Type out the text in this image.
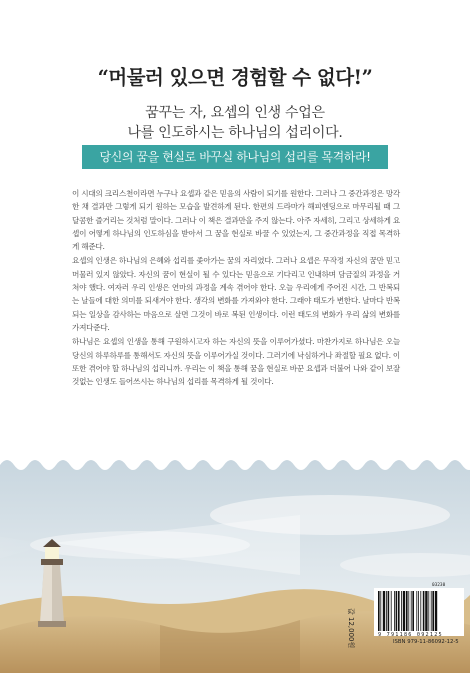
“머물러 있으면 경험할 수 없다!”
꿈꾸는 자, 요셉의 인생 수업은
나를 인도하시는 하나님의 섭리이다.
당신의 꿈을 현실로 바꾸실 하나님의 섭리를 목격하라!

이 시대의 크리스천이라면 누구나 요셉과 같은 믿음의 사람이 되기를 원한다. 그러나 그 중간과정은 망각한 채 결과만 그렇게 되기 원하는 모습을 발견하게 된다. 한편의 드라마가 해피엔딩으로 마무리될 때 그 달콤한 즐거리는 것처럼 말이다. 그러나 이 책은 결과만을 주지 않는다. 아주 자세히, 그리고 상세하게 요셉이 어떻게 하나님의 인도하심을 받아서 그 꿈을 현실로 바꿀 수 있었는지, 그 중간과정을 직접 목격하게 해준다.

요셉의 인생은 하나님의 은혜와 섭리를 좇아가는 꿈의 자리였다. 그러나 요셉은 무작정 자신의 꿈만 믿고 머물러 있지 않았다. 자신의 꿈이 현실이 될 수 있다는 믿음으로 기다리고 인내하며 담금질의 과정을 거쳐야 했다. 여자러 우리 인생은 연마의 과정을 계속 겪어야 한다. 오늘 우리에게 주어진 시간, 그 반복되는 날들에 대한 의미를 되새겨야 한다. 생각의 변화를 가져와야 한다. 그래야 태도가 변한다. 날마다 반복되는 일상을 감사하는 마음으로 살면 그것이 바로 복된 인생이다. 이런 태도의 변화가 우리 삶의 변화를 가져다준다.

하나님은 요셉의 인생을 통해 구원하시고자 하는 자신의 뜻을 이루어가셨다. 마찬가지로 하나님은 오늘 당신의 하루하루를 통해서도 자신의 뜻을 이루어가실 것이다. 그러기에 낙심하거나 좌절할 필요 없다. 이 또한 겪어야 할 하나님의 섭리니까. 우리는 이 책을 통해 꿈을 현실로 바꾼 요셉과 더불어 나와 같이 보잘것없는 인생도 들어쓰시는 하나님의 섭리를 목격하게 될 것이다.

03230
9 791186 092125
ISBN 979-11-86092-12-5
값 12,000원
